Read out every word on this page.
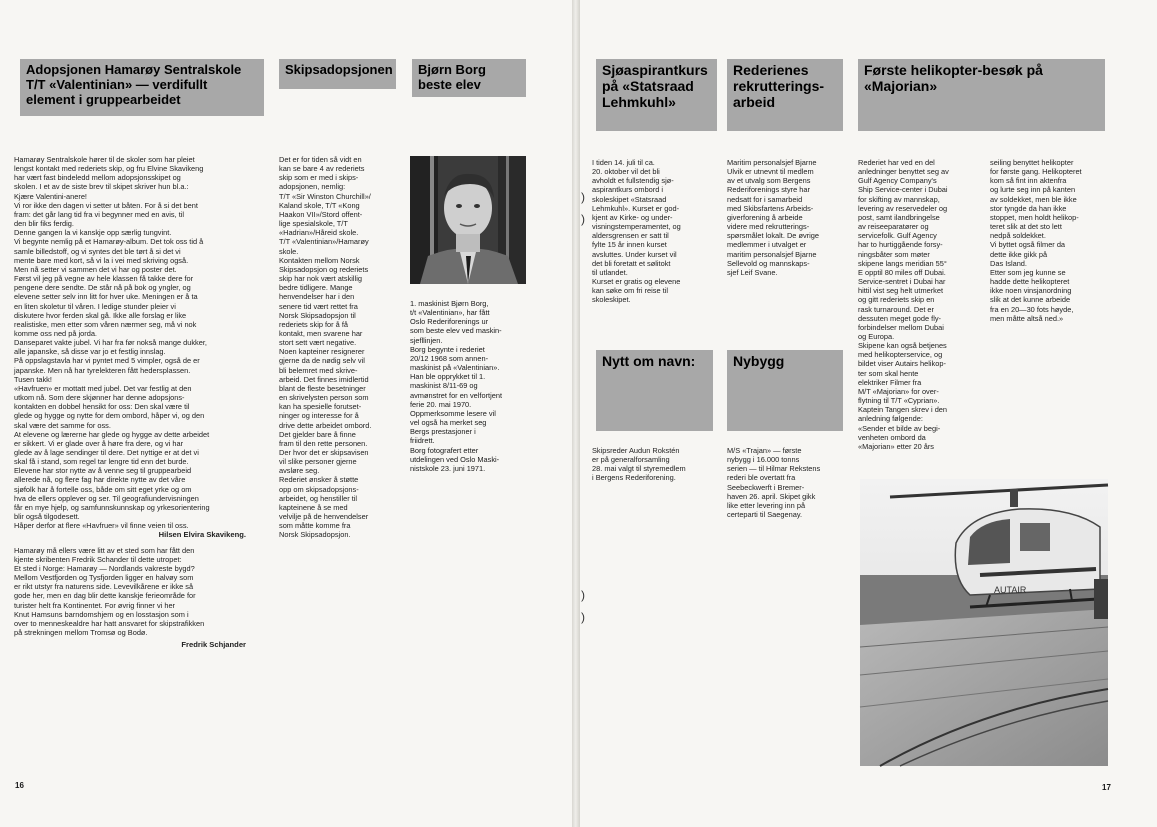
Adopsjonen Hamarøy Sentralskole T/T «Valentinian» — verdifullt element i gruppearbeidet
Skipsadopsjonen	Bjørn Borg beste elev
Hamarøy Sentralskole hører til de skoler som har pleiet
lengst kontakt med rederiets skip, og fru Elvine Skavikeng
har vært fast bindeledd mellom adopsjonsskipet og
skolen. I et av de siste brev til skipet skriver hun bl.a.:
Kjære Valentini-anere!
Vi ror ikke den dagen vi setter ut båten. For å si det bent
fram: det går lang tid fra vi begynner med en avis, til
den blir fiks ferdig.
Denne gangen la vi kanskje opp særlig tungvint.
Vi begynte nemlig på et Hamarøy-album. Det tok oss tid å
samle billedstoff, og vi syntes det ble tørt å si det vi
mente bare med kort, så vi la i vei med skriving også.
Men nå setter vi sammen det vi har og poster det.
Først vil jeg på vegne av hele klassen få takke dere for
pengene dere sendte. De står nå på bok og yngler, og
elevene setter selv inn litt for hver uke. Meningen er å ta
en liten skoletur til våren. I ledige stunder pleier vi
diskutere hvor ferden skal gå. Ikke alle forslag er like
realistiske, men etter som våren nærmer seg, må vi nok
komme oss ned på jorda.
Danseparet vakte jubel. Vi har fra før nokså mange dukker,
alle japanske, så disse var jo et festlig innslag.
På oppslagstavla har vi pyntet med 5 vimpler, også de er
japanske. Men nå har tyrelekteren fått hedersplassen.
Tusen takk!
«Havfruen» er mottatt med jubel. Det var festlig at den
utkom nå. Som dere skjønner har denne adopsjons-
kontakten en dobbel hensikt for oss: Den skal være til
glede og hygge og nytte for dem ombord, håper vi, og den
skal være det samme for oss.
At elevene og lærerne har glede og hygge av dette arbeidet
er sikkert. Vi er glade over å høre fra dere, og vi har
glede av å lage sendinger til dere. Det nyttige er at det vi
skal få i stand, som regel tar lengre tid enn det burde.
Elevene har stor nytte av å venne seg til gruppearbeid
allerede nå, og flere fag har direkte nytte av det våre
sjøfolk har å fortelle oss, både om sitt eget yrke og om
hva de ellers opplever og ser. Til geografiundervisningen
får en mye hjelp, og samfunnskunnskap og yrkesorientering
blir også tilgodesett.
Håper derfor at flere «Havfruer» vil finne veien til oss.
Hilsen Elvira Skavikeng.
Hamarøy må ellers være litt av et sted som har fått den
kjente skribenten Fredrik Schander til dette utropet:
Et sted i Norge: Hamarøy — Nordlands vakreste bygd?
Mellom Vestfjorden og Tysfjorden ligger en halvøy som
er rikt utstyr fra naturens side. Levevilkårene er ikke så
gode her, men en dag blir dette kanskje ferieområde for
turister helt fra Kontinentet. For øvrig finner vi her
Knut Hamsuns barndomshjem og en losstasjon som i
over to menneskealdre har hatt ansvaret for skipstrafikken
på strekningen mellom Tromsø og Bodø.
Fredrik Schjander
Det er for tiden så vidt en
kan se bare 4 av rederiets
skip som er med i skips-
adopsjonen, nemlig:
T/T «Sir Winston Churchill»/
Kaland skole, T/T «Kong
Haakon VII»/Stord offent-
lige spesialskole, T/T
«Hadrian»/Håreid skole.
T/T «Valentinian»/Hamarøy
skole.
Kontakten mellom Norsk
Skipsadopsjon og rederiets
skip har nok vært atskillig
bedre tidligere. Mange
henvendelser har i den
senere tid vært rettet fra
Norsk Skipsadopsjon til
rederiets skip for å få
kontakt, men svarene har
stort sett vært negative.
Noen kapteiner resignerer
gjerne da de nødig selv vil
bli belemret med skrive-
arbeid. Det finnes imidlertid
blant de fleste besetninger
en skrivelysten person som
kan ha spesielle forutset-
ninger og interesse for å
drive dette arbeidet ombord.
Det gjelder bare å finne
fram til den rette personen.
Der hvor det er skipsavisen
vil slike personer gjerne
avsløre seg.
Rederiet ønsker å støtte
opp om skipsadopsjons-
arbeidet, og henstiller til
kapteinene å se med
velvilje på de henvendelser
som måtte komme fra
Norsk Skipsadopsjon.
1. maskinist Bjørn Borg,
t/t «Valentinian», har fått
Oslo Rederiforenings ur
som beste elev ved maskin-
sjefllinjen.
Borg begynte i rederiet
20/12 1968 som annen-
maskinist på «Valentinian».
Han ble opprykket til 1.
maskinist 8/11-69 og
avmønstret for en velfortjent
ferie 20. mai 1970.
Oppmerksomme lesere vil
vel også ha merket seg
Bergs prestasjoner i
friidrett.
Borg fotografert etter
utdelingen ved Oslo Maski-
nistskole 23. juni 1971.
16
)
)
)
)
Sjøaspirantkurs på «Statsraad Lehmkuhl»
Rederienes rekrutterings-arbeid
Første helikopter-besøk på «Majorian»
I tiden 14. juli til ca.
20. oktober vil det bli
avholdt et fullstendig sjø-
aspirantkurs ombord i
skoleskipet «Statsraad
Lehmkuhl». Kurset er god-
kjent av Kirke- og under-
visningstemperamentet, og
aldersgrensen er satt til
fylte 15 år innen kurset
avsluttes. Under kurset vil
det bli foretatt et sølitokt
til utlandet.
Kurset er gratis og elevene
kan søke om fri reise til
skoleskipet.
Maritim personalsjef Bjarne
Ulvik er utnevnt til medlem
av et utvalg som Bergens
Rederiforenings styre har
nedsatt for i samarbeid
med Skibsfartens Arbeids-
giverforening å arbeide
videre med rekrutterings-
spørsmålet lokalt. De øvrige
medlemmer i utvalget er
maritim personalsjef Bjarne
Sellevold og mannskaps-
sjef Leif Svane.
Nytt om navn:	Nybygg
Skipsreder Audun Rokstén
er på generalforsamling
28. mai valgt til styremedlem
i Bergens Rederiforening.
M/S «Trajan» — første
nybygg i 16.000 tonns
serien — til Hilmar Rekstens
rederi ble overtatt fra
Seebeckwerft i Bremer-
haven 26. april. Skipet gikk
like etter levering inn på
certeparti til Saegenay.
Rederiet har ved en del
anledninger benyttet seg av
Gulf Agency Company's
Ship Service-center i Dubai
for skifting av mannskap,
levering av reservedeler og
post, samt ilandbringelse
av reiseeparatører og
servicefolk. Gulf Agency
har to hurtiggående forsy-
ningsbåter som møter
skipene langs meridian 55°
E opptil 80 miles off Dubai.
Service-sentret i Dubai har
hittil vist seg helt utmerket
og gitt rederiets skip en
rask turnaround. Det er
dessuten meget gode fly-
forbindelser mellom Dubai
og Europa.
Skipene kan også betjenes
med helikopterservice, og
bildet viser Autairs helikop-
ter som skal hente
elektriker Filmer fra
M/T «Majorian» for over-
flytning til T/T «Cyprian».
Kaptein Tangen skrev i den
anledning følgende:
«Sender et bilde av begi-
venheten ombord da
«Majorian» etter 20 års
seiling benyttet helikopter
for første gang. Helikopteret
kom så fint inn aktenfra
og lurte seg inn på kanten
av soldekket, men ble ikke
stor tyngde da han ikke
stoppet, men holdt helikop-
teret slik at det sto lett
nedpå soldekket.
Vi byttet også filmer da
dette ikke gikk på
Das Island.
Etter som jeg kunne se
hadde dette helikopteret
ikke noen vinsjanordning
slik at det kunne arbeide
fra en 20—30 fots høyde,
men måtte altså ned.»
AUTAIR
17
